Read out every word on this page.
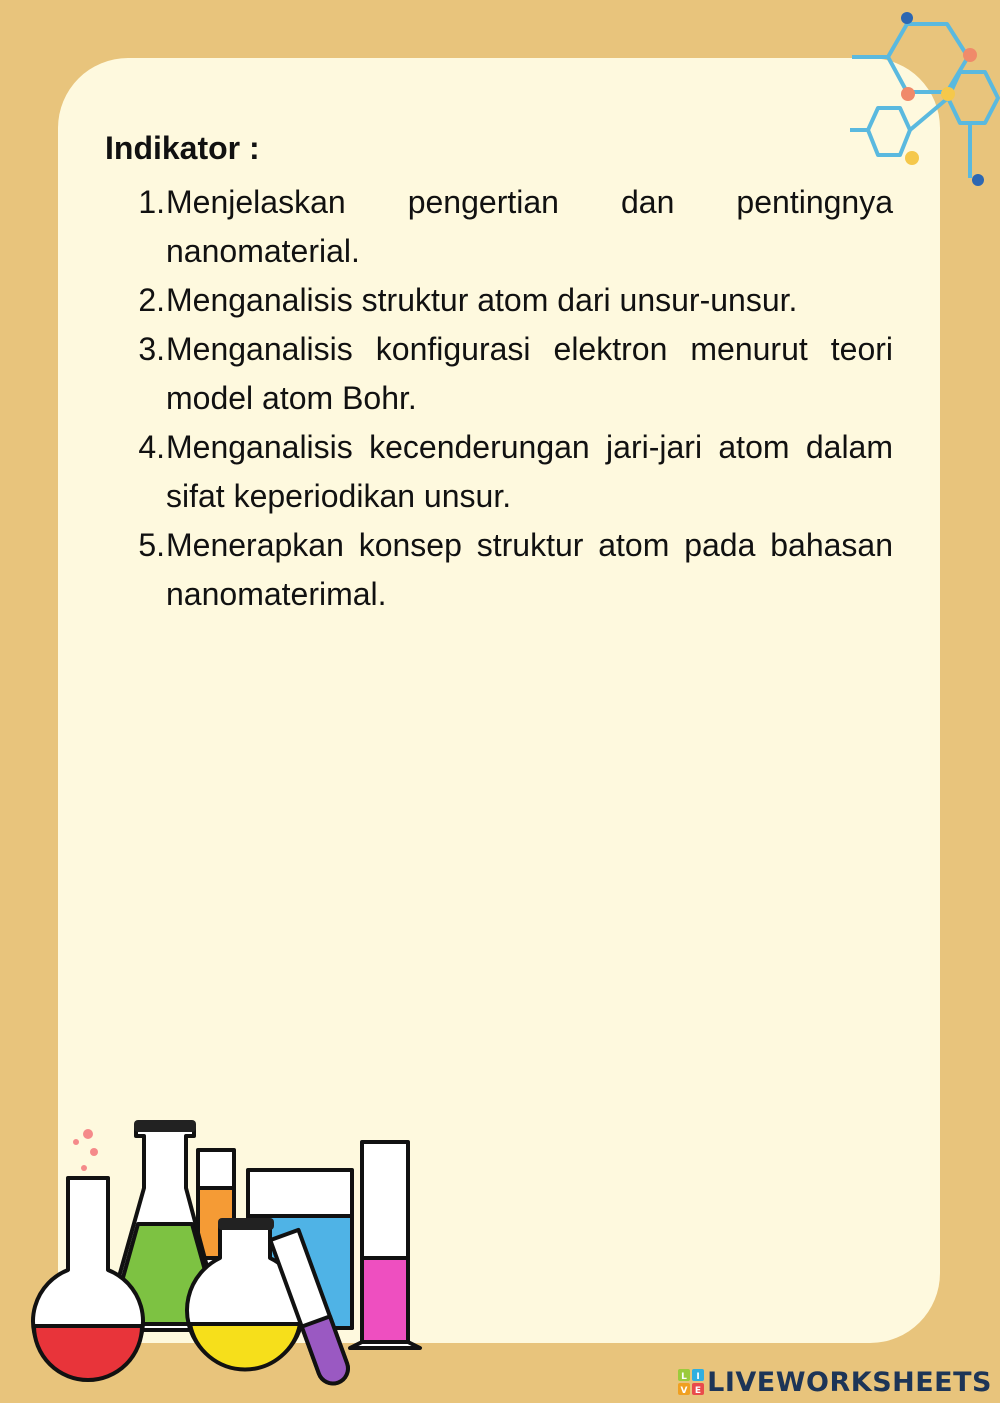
Indikator :
1. Menjelaskan pengertian dan pentingnya nanomaterial.
2. Menganalisis struktur atom dari unsur-unsur.
3. Menganalisis konfigurasi elektron menurut teori model atom Bohr.
4. Menganalisis kecenderungan jari-jari atom dalam sifat keperiodikan unsur.
5. Menerapkan konsep struktur atom pada bahasan nanomaterimal.
L I
V E LIVEWORKSHEETS
